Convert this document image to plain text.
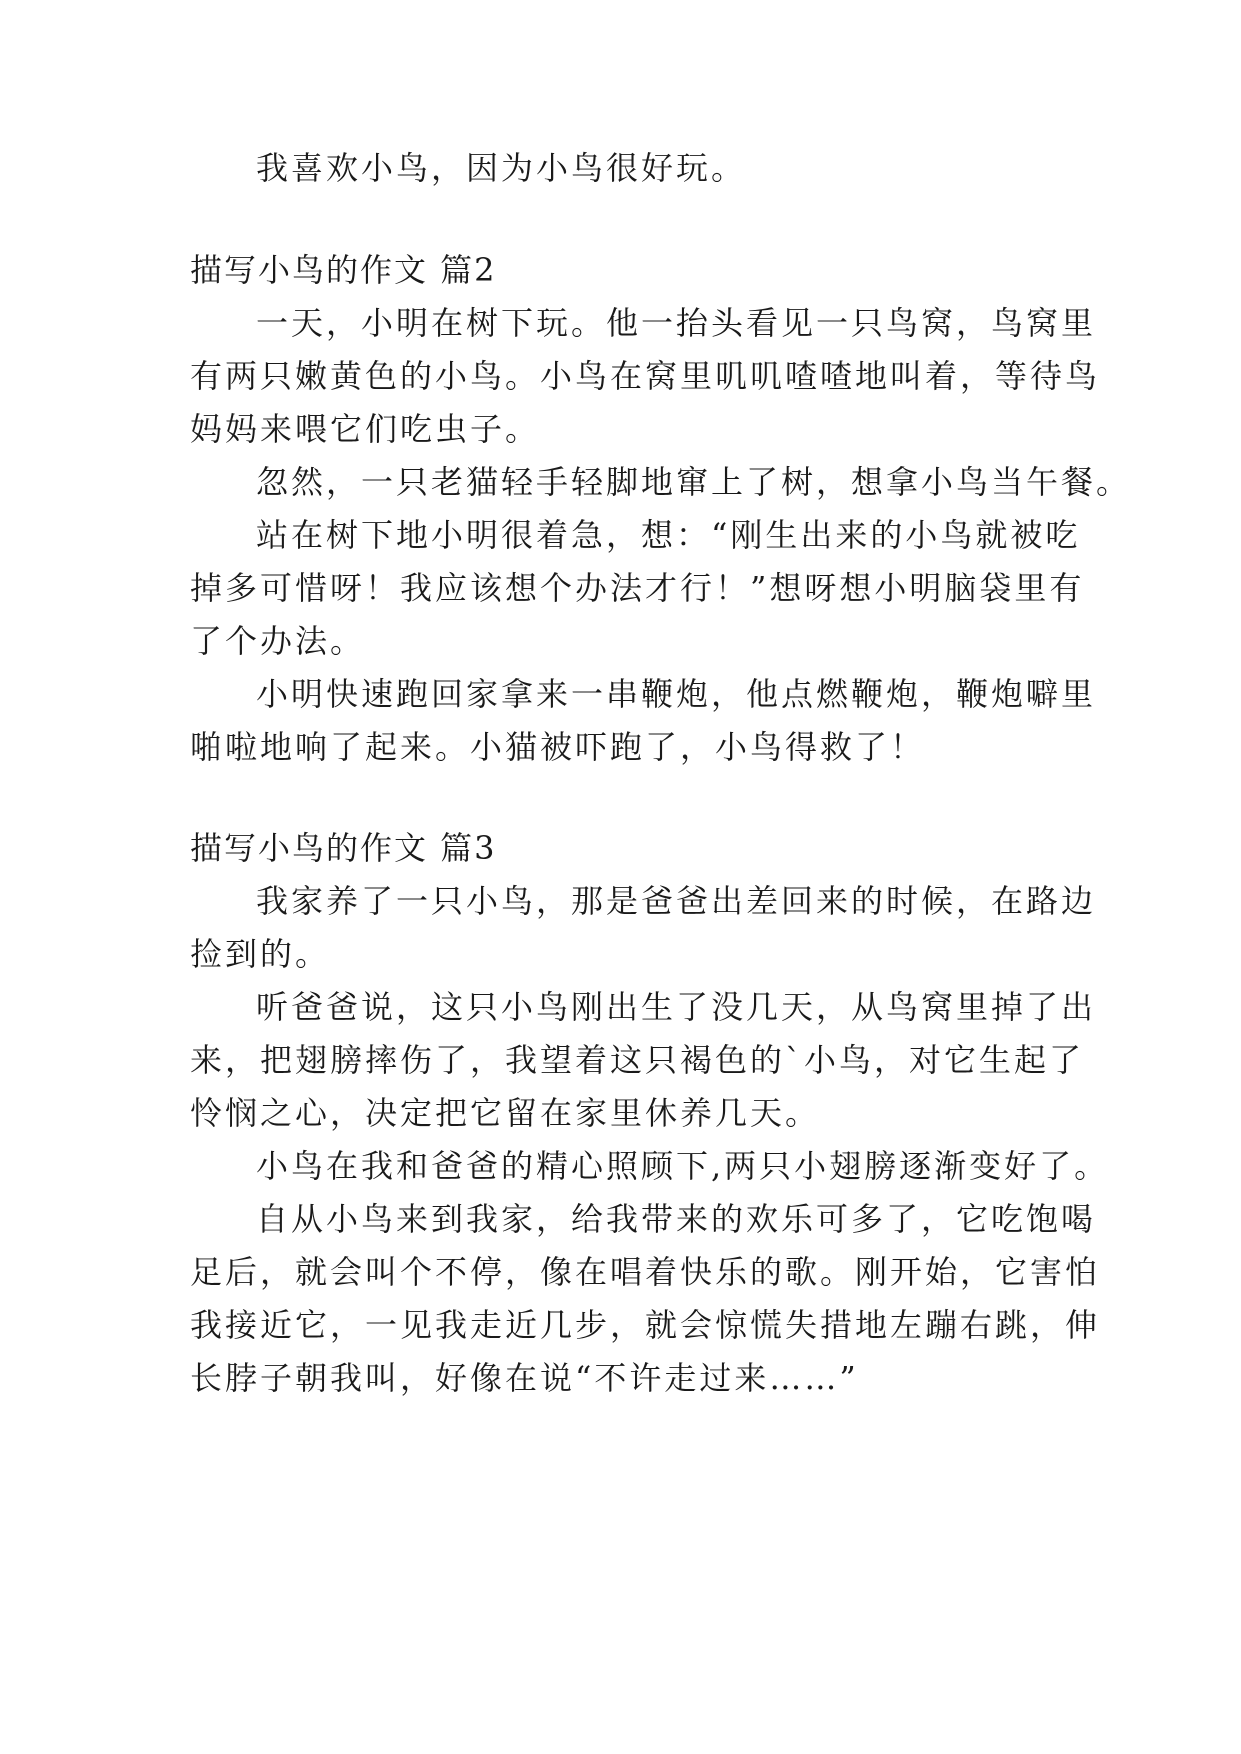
我喜欢小鸟，因为小鸟很好玩。
描写小鸟的作文 篇2
一天，小明在树下玩。他一抬头看见一只鸟窝，鸟窝里
有两只嫩黄色的小鸟。小鸟在窝里叽叽喳喳地叫着，等待鸟
妈妈来喂它们吃虫子。
忽然，一只老猫轻手轻脚地窜上了树，想拿小鸟当午餐。
站在树下地小明很着急，想：“刚生出来的小鸟就被吃
掉多可惜呀！我应该想个办法才行！”想呀想小明脑袋里有
了个办法。
小明快速跑回家拿来一串鞭炮，他点燃鞭炮，鞭炮噼里
啪啦地响了起来。小猫被吓跑了，小鸟得救了！
描写小鸟的作文 篇3
我家养了一只小鸟，那是爸爸出差回来的时候，在路边
捡到的。
听爸爸说，这只小鸟刚出生了没几天，从鸟窝里掉了出
来，把翅膀摔伤了，我望着这只褐色的`小鸟，对它生起了
怜悯之心，决定把它留在家里休养几天。
小鸟在我和爸爸的精心照顾下,两只小翅膀逐渐变好了。
自从小鸟来到我家，给我带来的欢乐可多了，它吃饱喝
足后，就会叫个不停，像在唱着快乐的歌。刚开始，它害怕
我接近它，一见我走近几步，就会惊慌失措地左蹦右跳，伸
长脖子朝我叫，好像在说“不许走过来……”
